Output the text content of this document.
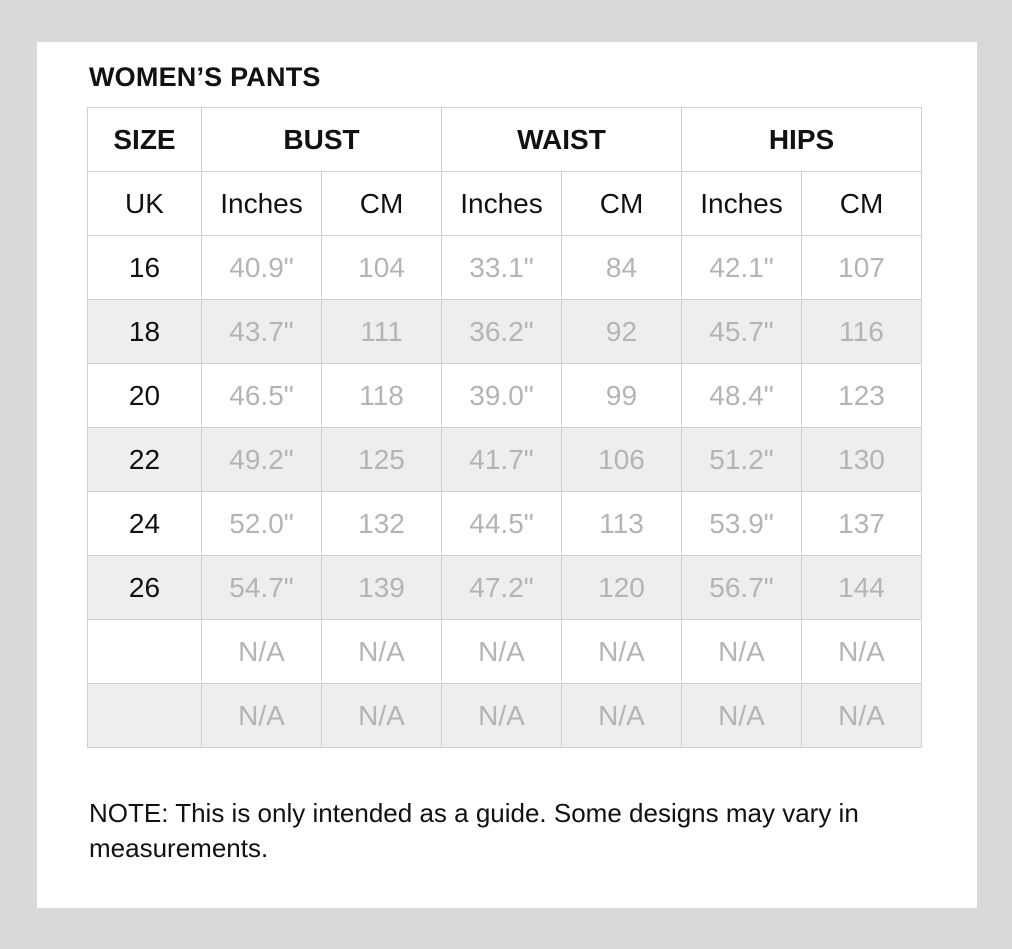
WOMEN’S PANTS
SIZE	BUST		WAIST		HIPS	
UK	Inches	CM	Inches	CM	Inches	CM
16	40.9"	104	33.1"	84	42.1"	107
18	43.7"	111	36.2"	92	45.7"	116
20	46.5"	118	39.0"	99	48.4"	123
22	49.2"	125	41.7"	106	51.2"	130
24	52.0"	132	44.5"	113	53.9"	137
26	54.7"	139	47.2"	120	56.7"	144
	N/A	N/A	N/A	N/A	N/A	N/A
	N/A	N/A	N/A	N/A	N/A	N/A

NOTE: This is only intended as a guide. Some designs may vary in measurements.
